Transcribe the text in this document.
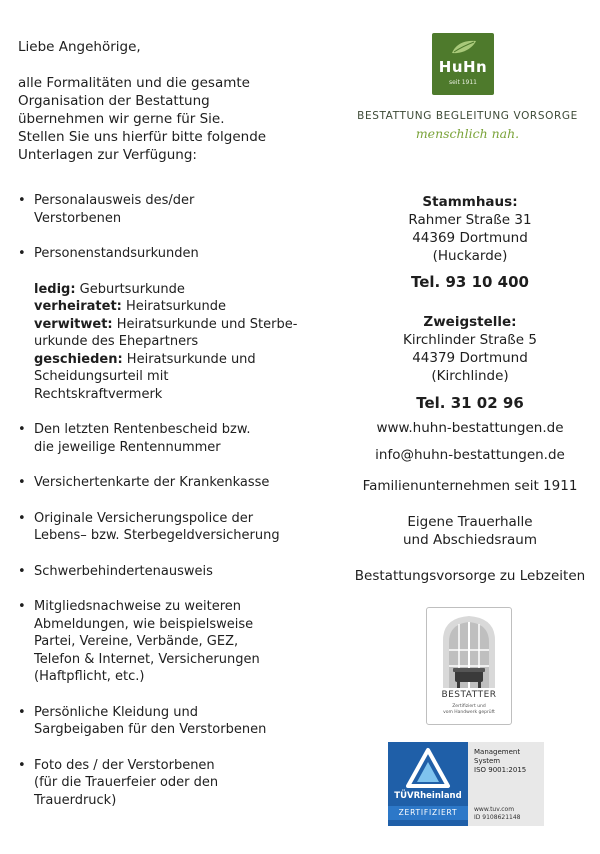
Liebe Angehörige,

alle Formalitäten und die gesamte
Organisation der Bestattung
übernehmen wir gerne für Sie.
Stellen Sie uns hierfür bitte folgende
Unterlagen zur Verfügung:

• Personalausweis des/der
Verstorbenen
• Personenstandsurkunden
ledig: Geburtsurkunde
verheiratet: Heiratsurkunde
verwitwet: Heiratsurkunde und Sterbe-
urkunde des Ehepartners
geschieden: Heiratsurkunde und
Scheidungsurteil mit
Rechtskraftvermerk
• Den letzten Rentenbescheid bzw.
die jeweilige Rentennummer
• Versichertenkarte der Krankenkasse
• Originale Versicherungspolice der
Lebens– bzw. Sterbegeldversicherung
• Schwerbehindertenausweis
• Mitgliedsnachweise zu weiteren
Abmeldungen, wie beispielsweise
Partei, Vereine, Verbände, GEZ,
Telefon & Internet, Versicherungen
(Haftpflicht, etc.)
• Persönliche Kleidung und
Sargbeigaben für den Verstorbenen
• Foto des / der Verstorbenen
(für die Trauerfeier oder den
Trauerdruck)
HuHn
seit 1911
BESTATTUNG BEGLEITUNG VORSORGE
menschlich nah.
Stammhaus:
Rahmer Straße 31
44369 Dortmund
(Huckarde)
Tel. 93 10 400
Zweigstelle:
Kirchlinder Straße 5
44379 Dortmund
(Kirchlinde)
Tel. 31 02 96
www.huhn-bestattungen.de
info@huhn-bestattungen.de
Familienunternehmen seit 1911
Eigene Trauerhalle
und Abschiedsraum
Bestattungsvorsorge zu Lebzeiten
BESTATTER
Zertifiziert und
vom Handwerk geprüft
TÜVRheinland
ZERTIFIZIERT
Management
System
ISO 9001:2015
www.tuv.com
ID 9108621148
